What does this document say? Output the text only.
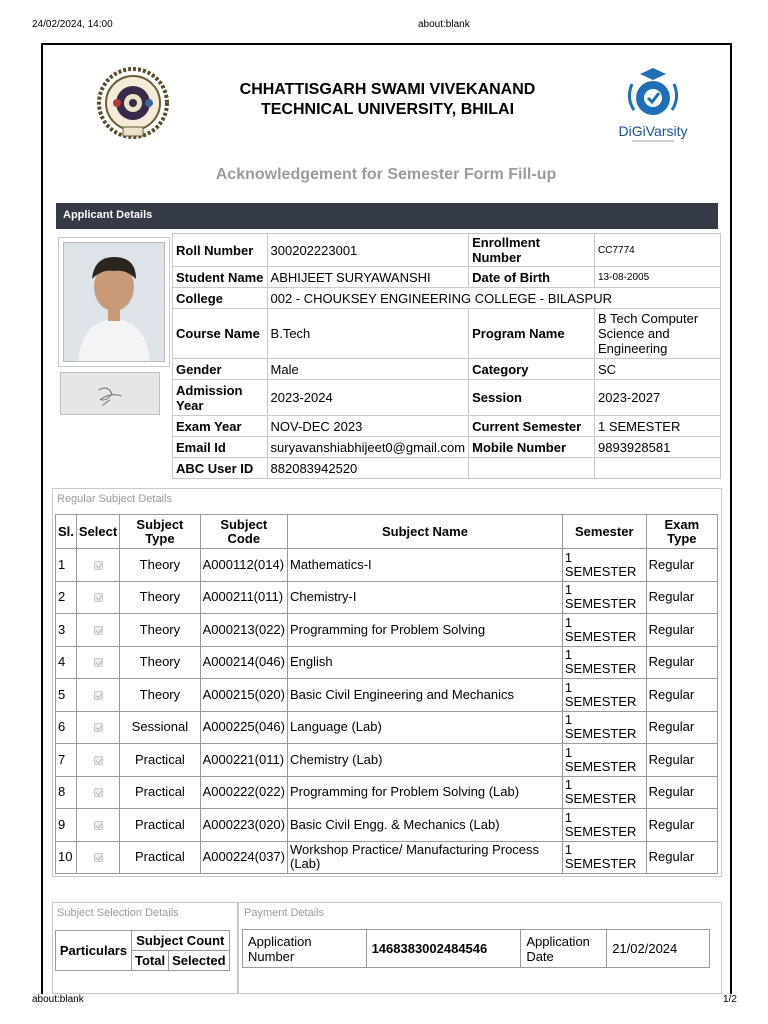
24/02/2024, 14:00	about:blank
about:blank	1/2
CHHATTISGARH SWAMI VIVEKANAND
TECHNICAL UNIVERSITY, BHILAI
DiGiVarsity
Acknowledgement for Semester Form Fill-up
Applicant Details
Roll Number	300202223001	Enrollment Number	CC7774
Student Name	ABHIJEET SURYAWANSHI	Date of Birth	13-08-2005
College	002 - CHOUKSEY ENGINEERING COLLEGE - BILASPUR		
Course Name	B.Tech	Program Name	B Tech Computer Science and Engineering
Gender	Male	Category	SC
Admission Year	2023-2024	Session	2023-2027
Exam Year	NOV-DEC 2023	Current Semester	1 SEMESTER
Email Id	suryavanshiabhijeet0@gmail.com	Mobile Number	9893928581
ABC User ID	882083942520		
Regular Subject Details
Sl.	Select	Subject Type	Subject Code	Subject Name	Semester	Exam Type
1		Theory	A000112(014)	Mathematics-I	1 SEMESTER	Regular
2		Theory	A000211(011)	Chemistry-I	1 SEMESTER	Regular
3		Theory	A000213(022)	Programming for Problem Solving	1 SEMESTER	Regular
4		Theory	A000214(046)	English	1 SEMESTER	Regular
5		Theory	A000215(020)	Basic Civil Engineering and Mechanics	1 SEMESTER	Regular
6		Sessional	A000225(046)	Language (Lab)	1 SEMESTER	Regular
7		Practical	A000221(011)	Chemistry (Lab)	1 SEMESTER	Regular
8		Practical	A000222(022)	Programming for Problem Solving (Lab)	1 SEMESTER	Regular
9		Practical	A000223(020)	Basic Civil Engg. & Mechanics (Lab)	1 SEMESTER	Regular
10		Practical	A000224(037)	Workshop Practice/ Manufacturing Process (Lab)	1 SEMESTER	Regular
Subject Selection Details
Particulars	Subject Count	
	Total	Selected
Payment Details
Application Number	1468383002484546	Application Date	21/02/2024
